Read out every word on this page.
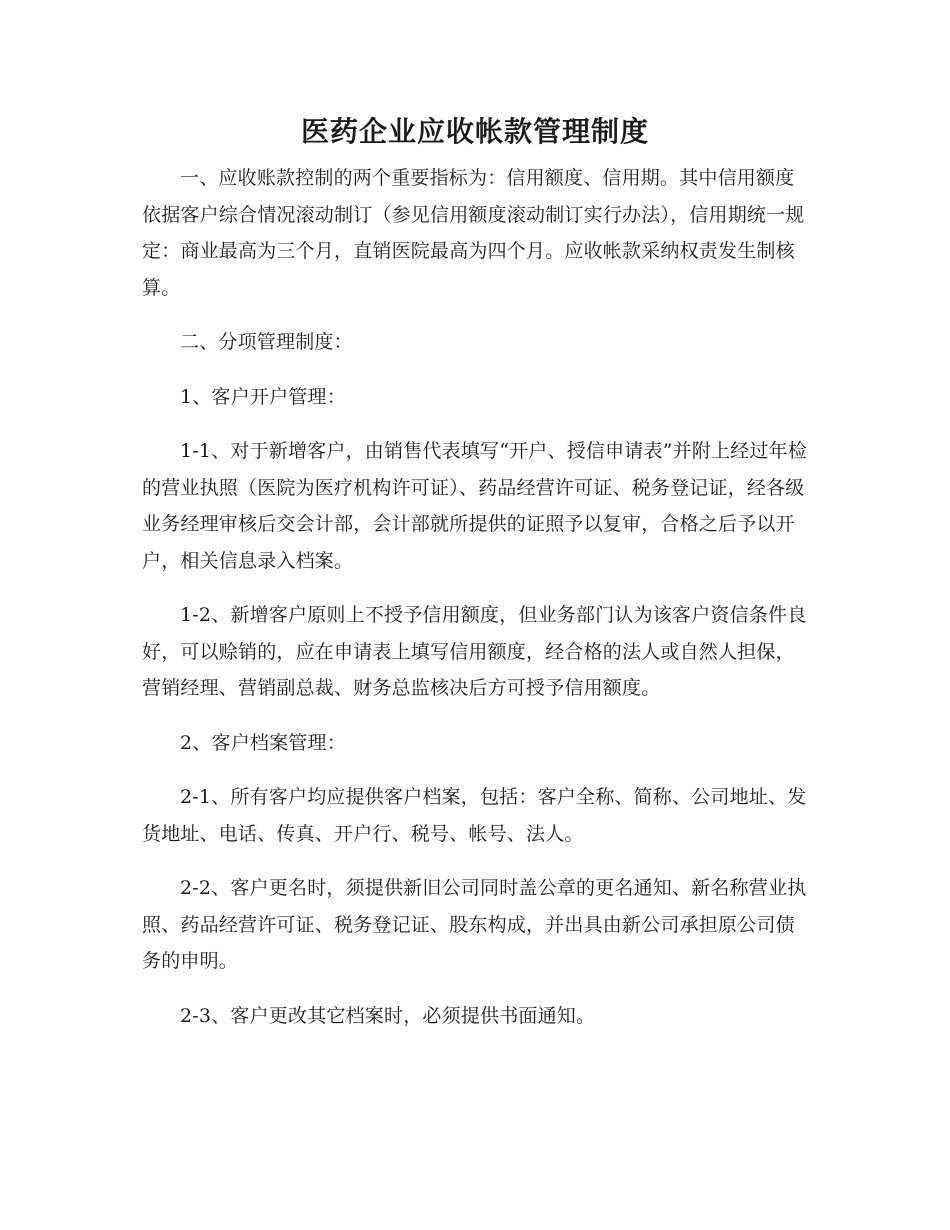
医药企业应收帐款管理制度

一、应收账款控制的两个重要指标为：信用额度、信用期。其中信用额度依据客户综合情况滚动制订（参见信用额度滚动制订实行办法），信用期统一规定：商业最高为三个月，直销医院最高为四个月。应收帐款采纳权责发生制核算。

二、分项管理制度：

1、客户开户管理：

1-1、对于新增客户，由销售代表填写“开户、授信申请表”并附上经过年检的营业执照（医院为医疗机构许可证）、药品经营许可证、税务登记证，经各级业务经理审核后交会计部，会计部就所提供的证照予以复审，合格之后予以开户，相关信息录入档案。

1-2、新增客户原则上不授予信用额度，但业务部门认为该客户资信条件良好，可以赊销的，应在申请表上填写信用额度，经合格的法人或自然人担保，营销经理、营销副总裁、财务总监核决后方可授予信用额度。

2、客户档案管理：

2-1、所有客户均应提供客户档案，包括：客户全称、简称、公司地址、发货地址、电话、传真、开户行、税号、帐号、法人。

2-2、客户更名时，须提供新旧公司同时盖公章的更名通知、新名称营业执照、药品经营许可证、税务登记证、股东构成，并出具由新公司承担原公司债务的申明。

2-3、客户更改其它档案时，必须提供书面通知。
